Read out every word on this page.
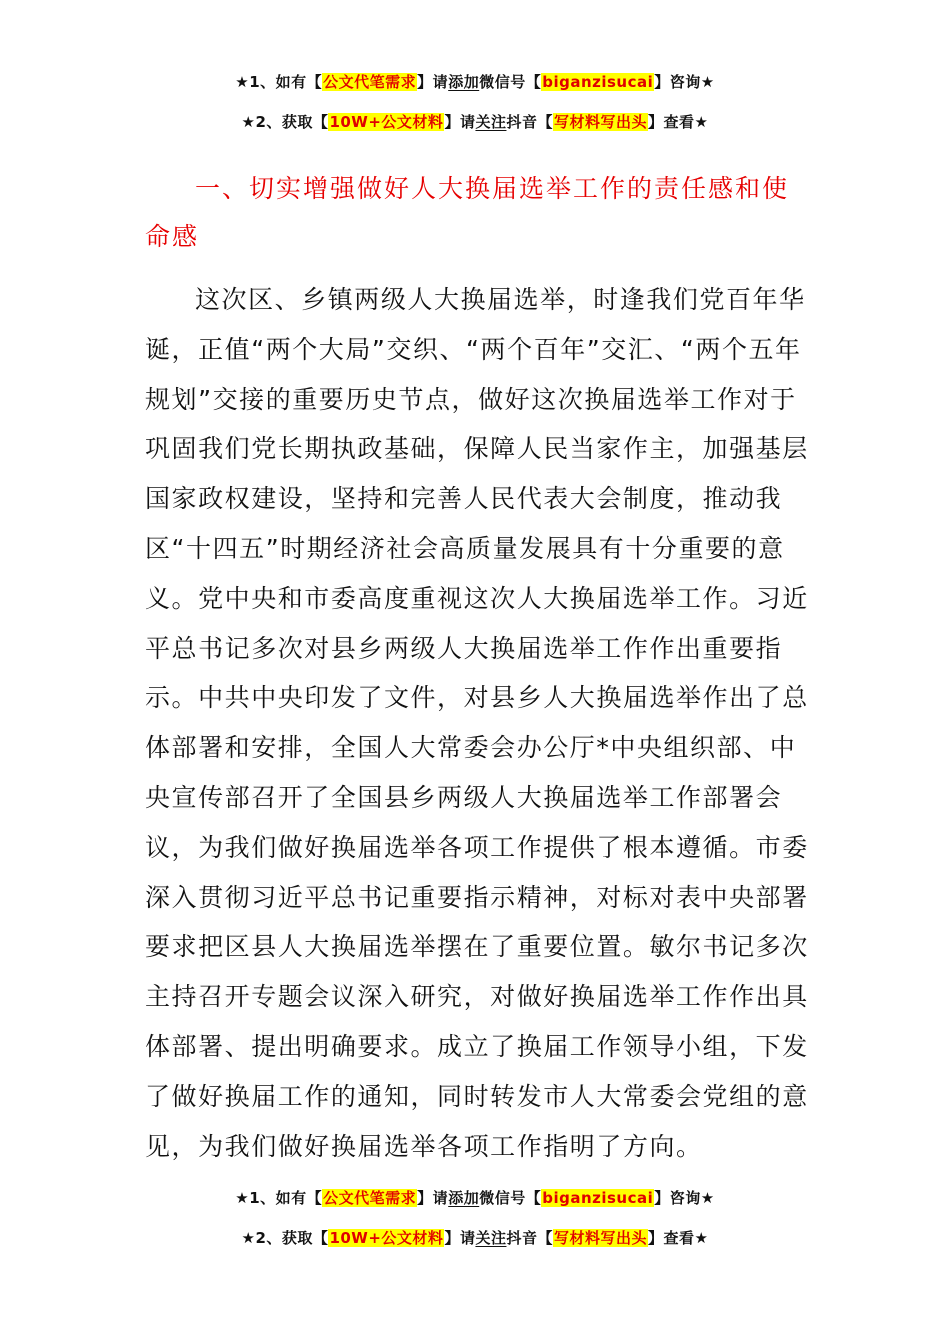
★1、如有【公文代笔需求】请添加微信号【biganzisucai】咨询★
★2、获取【10W+公文材料】请关注抖音【写材料写出头】查看★
一、切实增强做好人大换届选举工作的责任感和使命感

这次区、乡镇两级人大换届选举，时逢我们党百年华诞，正值“两个大局”交织、“两个百年”交汇、“两个五年规划”交接的重要历史节点，做好这次换届选举工作对于巩固我们党长期执政基础，保障人民当家作主，加强基层国家政权建设，坚持和完善人民代表大会制度，推动我区“十四五”时期经济社会高质量发展具有十分重要的意义。党中央和市委高度重视这次人大换届选举工作。习近平总书记多次对县乡两级人大换届选举工作作出重要指示。中共中央印发了文件，对县乡人大换届选举作出了总体部署和安排，全国人大常委会办公厅*中央组织部、中央宣传部召开了全国县乡两级人大换届选举工作部署会议，为我们做好换届选举各项工作提供了根本遵循。市委深入贯彻习近平总书记重要指示精神，对标对表中央部署要求把区县人大换届选举摆在了重要位置。敏尔书记多次主持召开专题会议深入研究，对做好换届选举工作作出具体部署、提出明确要求。成立了换届工作领导小组，下发了做好换届工作的通知，同时转发市人大常委会党组的意见，为我们做好换届选举各项工作指明了方向。

★1、如有【公文代笔需求】请添加微信号【biganzisucai】咨询★
★2、获取【10W+公文材料】请关注抖音【写材料写出头】查看★
